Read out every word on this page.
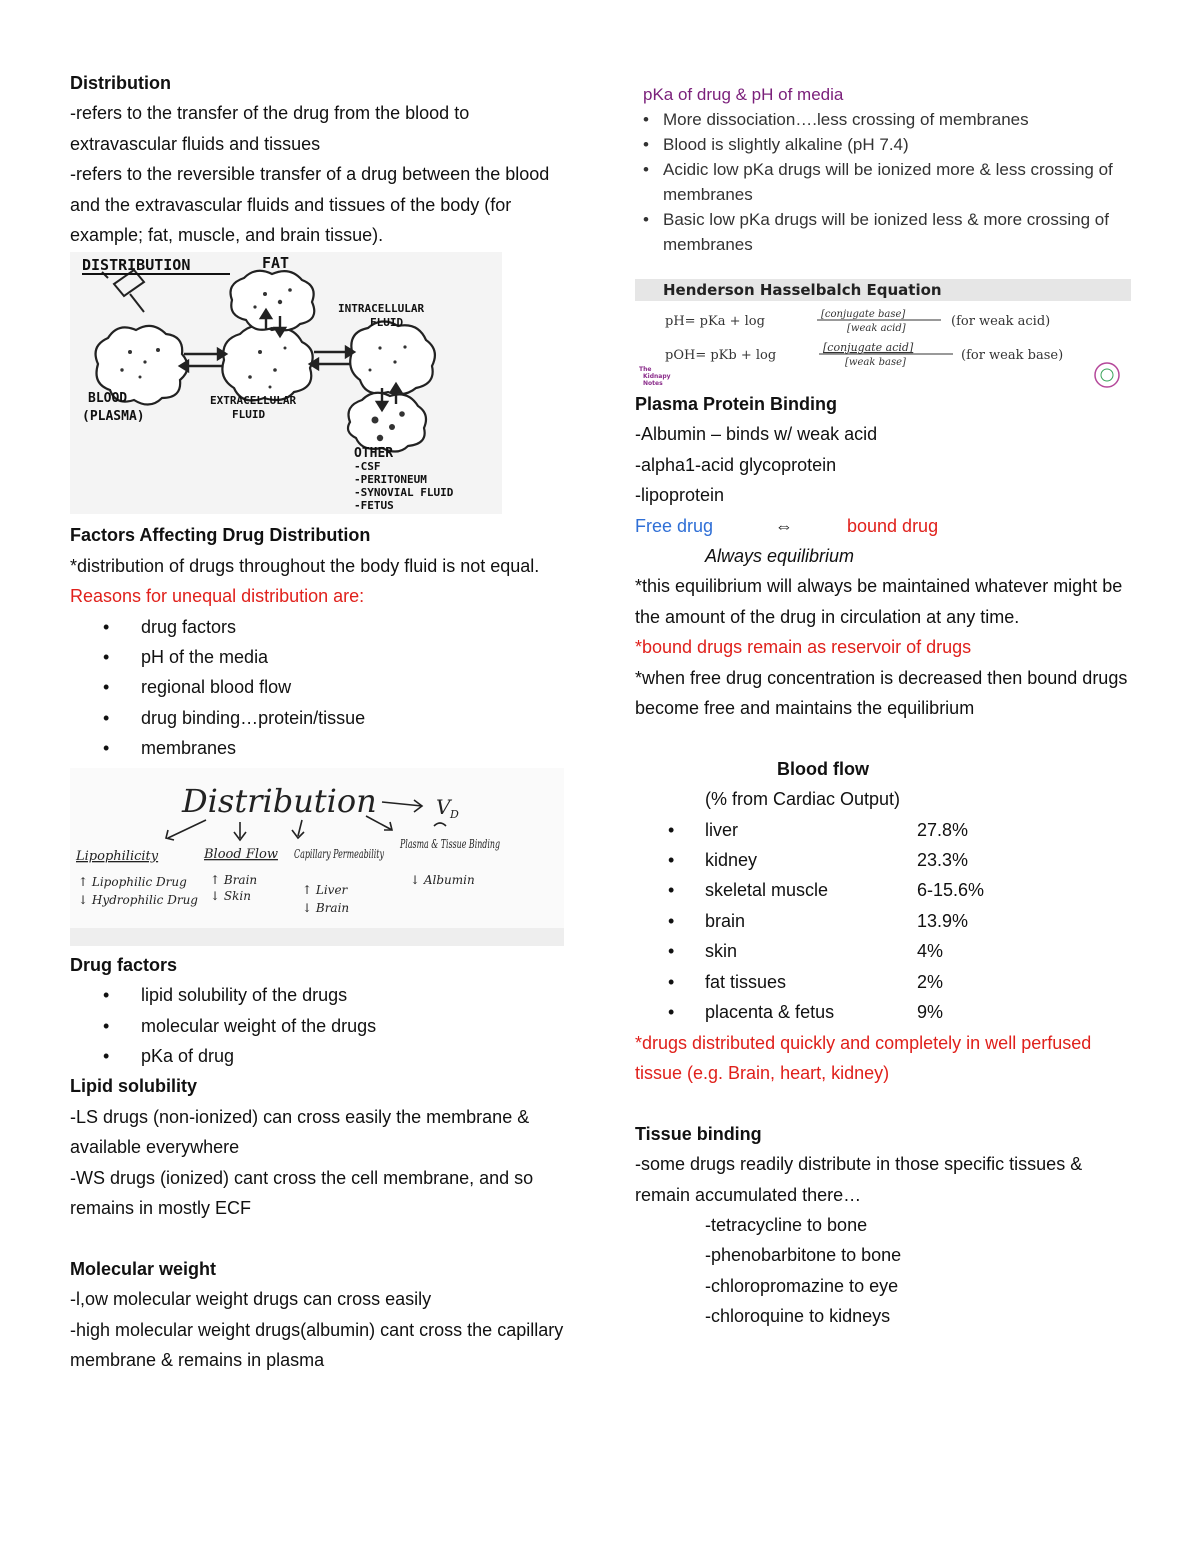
Distribution
-refers to the transfer of the drug from the blood to extravascular fluids and tissues
-refers to the reversible transfer of a drug between the blood and the extravascular fluids and tissues of the body (for example; fat, muscle, and brain tissue).
DISTRIBUTION	FAT
INTRACELLULAR
FLUID
BLOOD
(PLASMA)
EXTRACELLULAR
FLUID
OTHER
-CSF
-PERITONEUM
-SYNOVIAL FLUID
-FETUS
Factors Affecting Drug Distribution
*distribution of drugs throughout the body fluid is not equal.
Reasons for unequal distribution are:
• drug factors
• pH of the media
• regional blood flow
• drug binding…protein/tissue
• membranes
Distribution	V D
Lipophilicity
↑ Lipophilic Drug
↓ Hydrophilic Drug
Blood Flow
↑ Brain
↓ Skin
Capillary Permeability
↑ Liver
↓ Brain
Plasma & Tissue Binding
↓ Albumin
Drug factors
• lipid solubility of the drugs
• molecular weight of the drugs
• pKa of drug
Lipid solubility
-LS drugs (non-ionized) can cross easily the membrane & available everywhere
-WS drugs (ionized) cant cross the cell membrane, and so remains in mostly ECF
Molecular weight
-l,ow molecular weight drugs can cross easily
-high molecular weight drugs(albumin) cant cross the capillary membrane & remains in plasma
pKa of drug & pH of media
• More dissociation….less crossing of membranes
• Blood is slightly alkaline (pH 7.4)
• Acidic low pKa drugs will be ionized more & less crossing of membranes
• Basic low pKa drugs will be ionized less & more crossing of membranes
Henderson Hasselbalch Equation
pH= pKa + log	[conjugate base]
[weak acid]	(for weak acid)
pOH= pKb + log
[conjugate acid]
[weak base]	(for weak base)
The
Kidnapy
Notes
Plasma Protein Binding
-Albumin – binds w/ weak acid
-alpha1-acid glycoprotein
-lipoprotein
Free drug	⇔	bound drug
Always equilibrium
*this equilibrium will always be maintained whatever might be the amount of the drug in circulation at any time.
*bound drugs remain as reservoir of drugs
*when free drug concentration is decreased then bound drugs become free and maintains the equilibrium
Blood flow
(% from Cardiac Output)
• liver	27.8%
• kidney	23.3%
• skeletal muscle	6-15.6%
• brain	13.9%
• skin	4%
• fat tissues	2%
• placenta & fetus	9%
*drugs distributed quickly and completely in well perfused tissue (e.g. Brain, heart, kidney)
Tissue binding
-some drugs readily distribute in those specific tissues & remain accumulated there…
-tetracycline to bone
-phenobarbitone to bone
-chloropromazine to eye
-chloroquine to kidneys
